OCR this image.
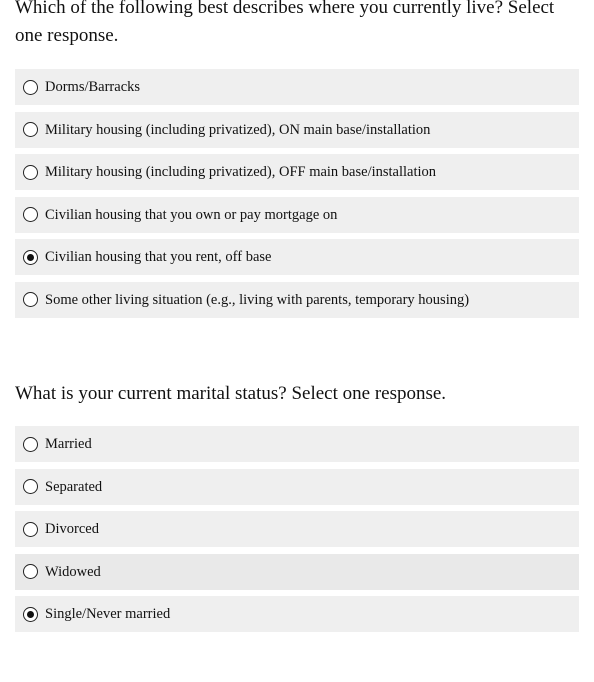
Which of the following best describes where you currently live? Select one response.

Dorms/Barracks
Military housing (including privatized), ON main base/installation
Military housing (including privatized), OFF main base/installation
Civilian housing that you own or pay mortgage on
Civilian housing that you rent, off base
Some other living situation (e.g., living with parents, temporary housing)

What is your current marital status? Select one response.

Married
Separated
Divorced
Widowed
Single/Never married
